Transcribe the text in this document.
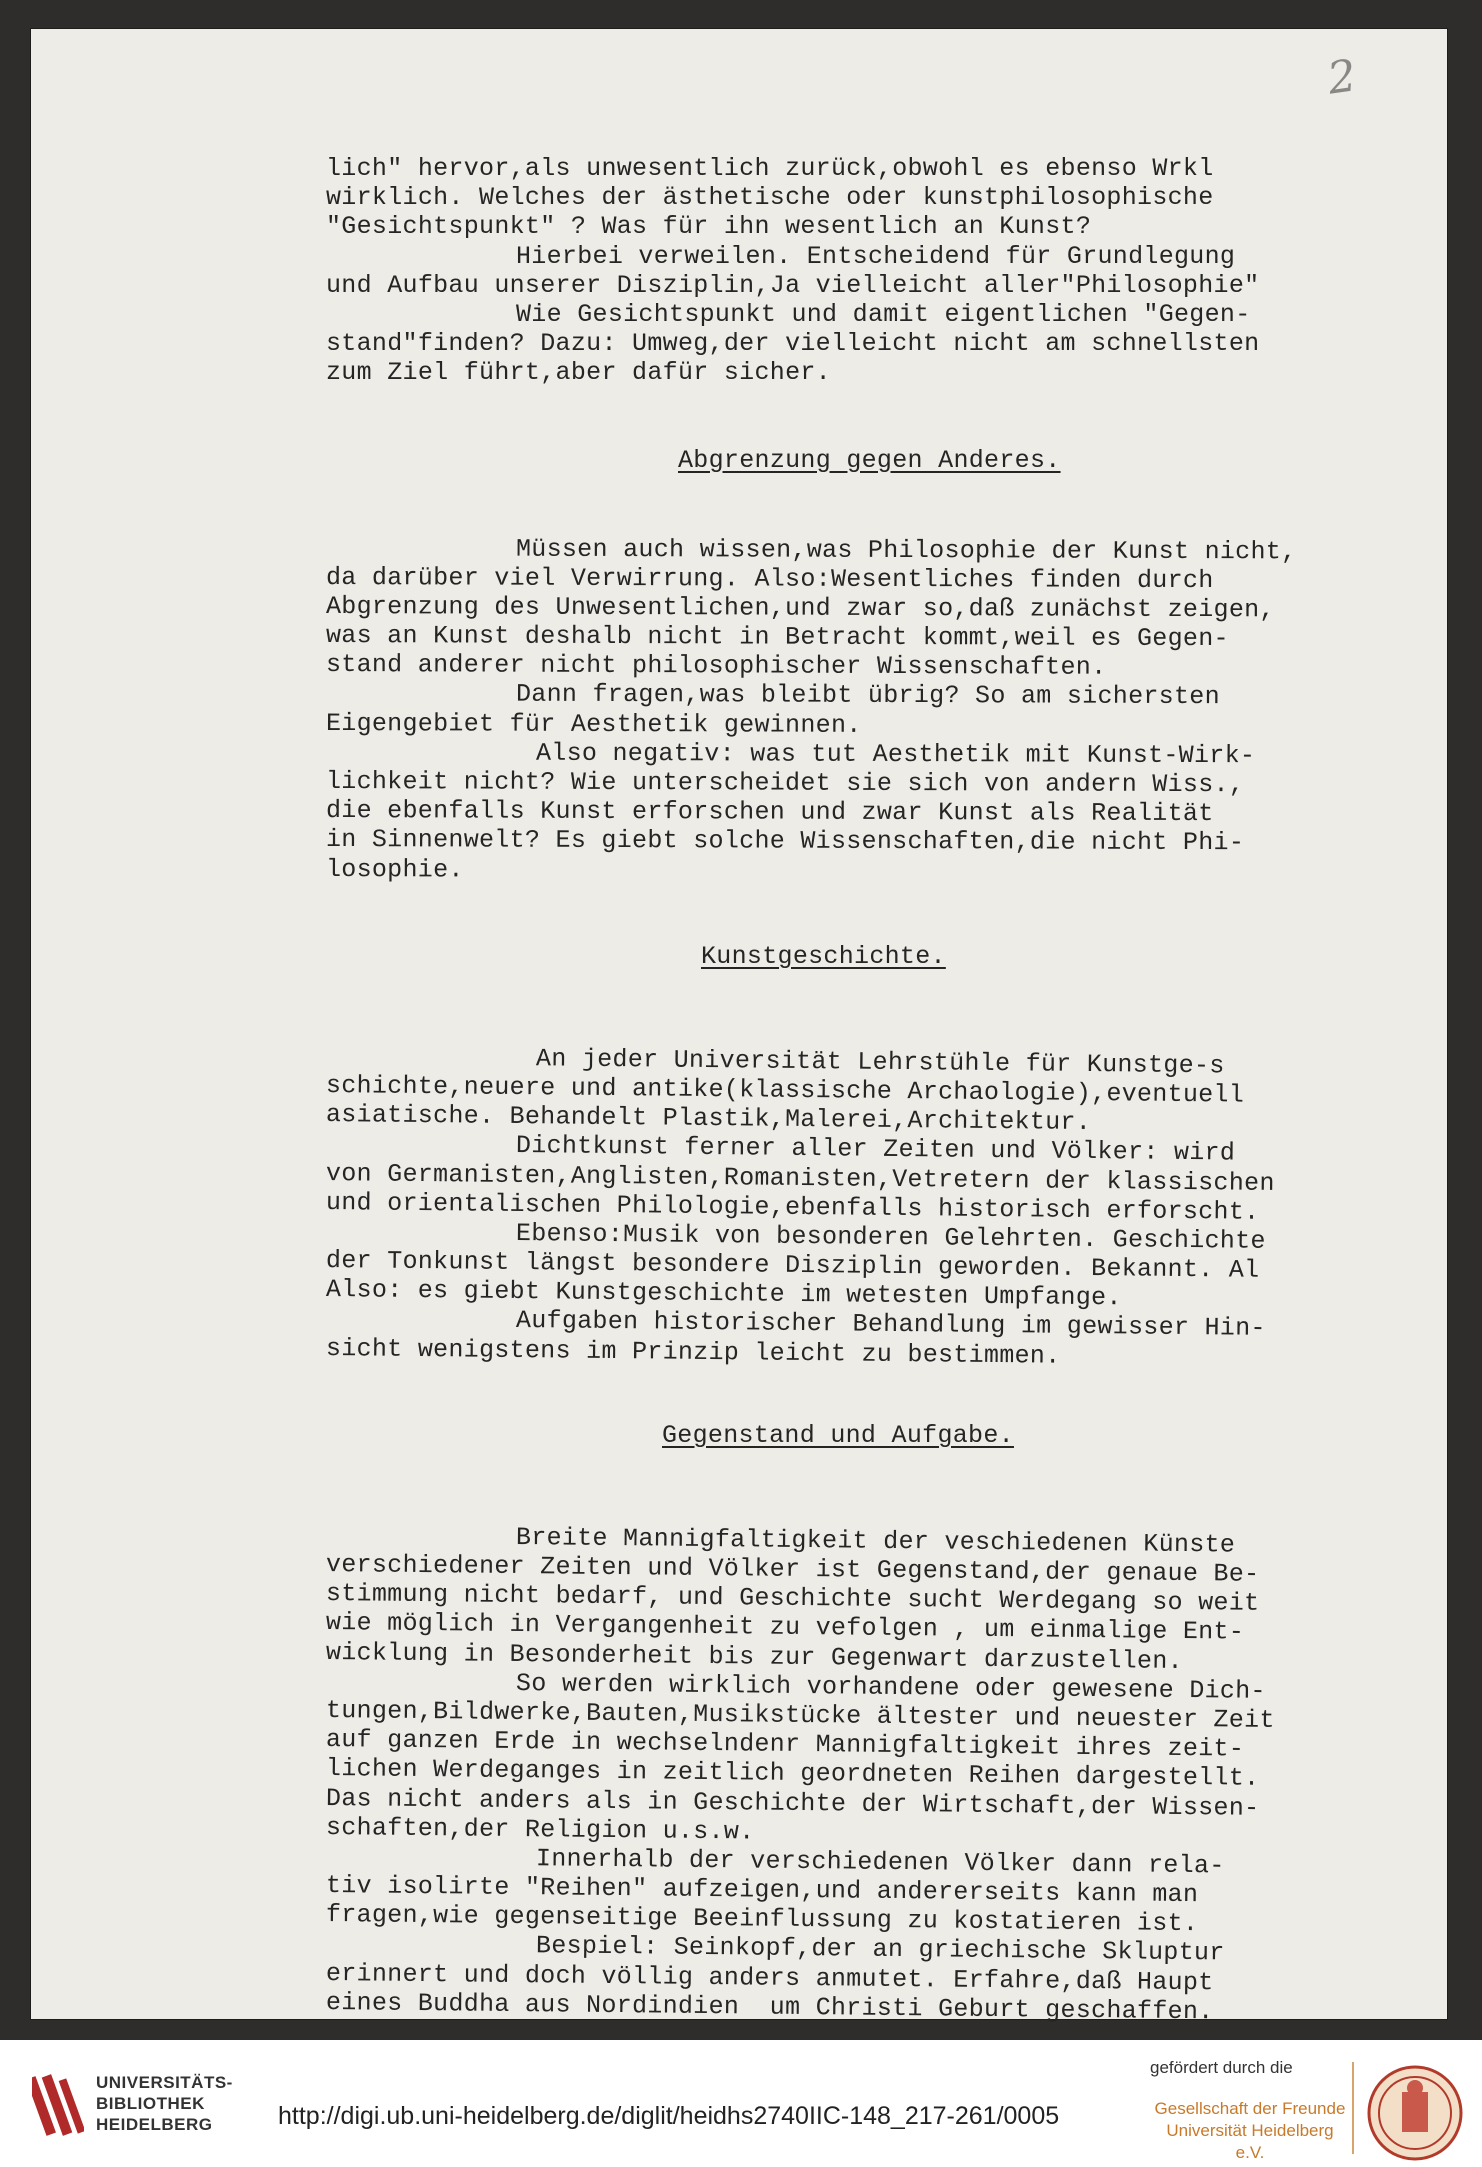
2
lich" hervor,als unwesentlich zurück,obwohl es ebenso Wrkl
wirklich. Welches der ästhetische oder kunstphilosophische
"Gesichtspunkt" ? Was für ihn wesentlich an Kunst?
Hierbei verweilen. Entscheidend für Grundlegung
und Aufbau unserer Disziplin,Ja vielleicht aller"Philosophie"
Wie Gesichtspunkt und damit eigentlichen "Gegen-
stand"finden? Dazu: Umweg,der vielleicht nicht am schnellsten
zum Ziel führt,aber dafür sicher.
Abgrenzung gegen Anderes.
Müssen auch wissen,was Philosophie der Kunst nicht,
da darüber viel Verwirrung. Also:Wesentliches finden durch
Abgrenzung des Unwesentlichen,und zwar so,daß zunächst zeigen,
was an Kunst deshalb nicht in Betracht kommt,weil es Gegen-
stand anderer nicht philosophischer Wissenschaften.
Dann fragen,was bleibt übrig? So am sichersten
Eigengebiet für Aesthetik gewinnen.
Also negativ: was tut Aesthetik mit Kunst-Wirk-
lichkeit nicht? Wie unterscheidet sie sich von andern Wiss.,
die ebenfalls Kunst erforschen und zwar Kunst als Realität
in Sinnenwelt? Es giebt solche Wissenschaften,die nicht Phi-
losophie.
Kunstgeschichte.
An jeder Universität Lehrstühle für Kunstge-s
schichte,neuere und antike(klassische Archaologie),eventuell
asiatische. Behandelt Plastik,Malerei,Architektur.
Dichtkunst ferner aller Zeiten und Völker: wird
von Germanisten,Anglisten,Romanisten,Vetretern der klassischen
und orientalischen Philologie,ebenfalls historisch erforscht.
Ebenso:Musik von besonderen Gelehrten. Geschichte
der Tonkunst längst besondere Disziplin geworden. Bekannt. Al
Also: es giebt Kunstgeschichte im wetesten Umpfange.
Aufgaben historischer Behandlung im gewisser Hin-
sicht wenigstens im Prinzip leicht zu bestimmen.
Gegenstand und Aufgabe.
Breite Mannigfaltigkeit der veschiedenen Künste
verschiedener Zeiten und Völker ist Gegenstand,der genaue Be-
stimmung nicht bedarf, und Geschichte sucht Werdegang so weit
wie möglich in Vergangenheit zu vefolgen , um einmalige Ent-
wicklung in Besonderheit bis zur Gegenwart darzustellen.
So werden wirklich vorhandene oder gewesene Dich-
tungen,Bildwerke,Bauten,Musikstücke ältester und neuester Zeit
auf ganzen Erde in wechselndenr Mannigfaltigkeit ihres zeit-
lichen Werdeganges in zeitlich geordneten Reihen dargestellt.
Das nicht anders als in Geschichte der Wirtschaft,der Wissen-
schaften,der Religion u.s.w.
Innerhalb der verschiedenen Völker dann rela-
tiv isolirte "Reihen" aufzeigen,und andererseits kann man
fragen,wie gegenseitige Beeinflussung zu kostatieren ist.
Bespiel: Seinkopf,der an griechische Skluptur
erinnert und doch völlig anders anmutet. Erfahre,daß Haupt
eines Buddha aus Nordindien  um Christi Geburt geschaffen.
UNIVERSITÄTS-
BIBLIOTHEK
HEIDELBERG	http://digi.ub.uni-heidelberg.de/diglit/heidhs2740IIC-148_217-261/0005
gefördert durch die
Gesellschaft der Freunde
Universität Heidelberg e.V.
